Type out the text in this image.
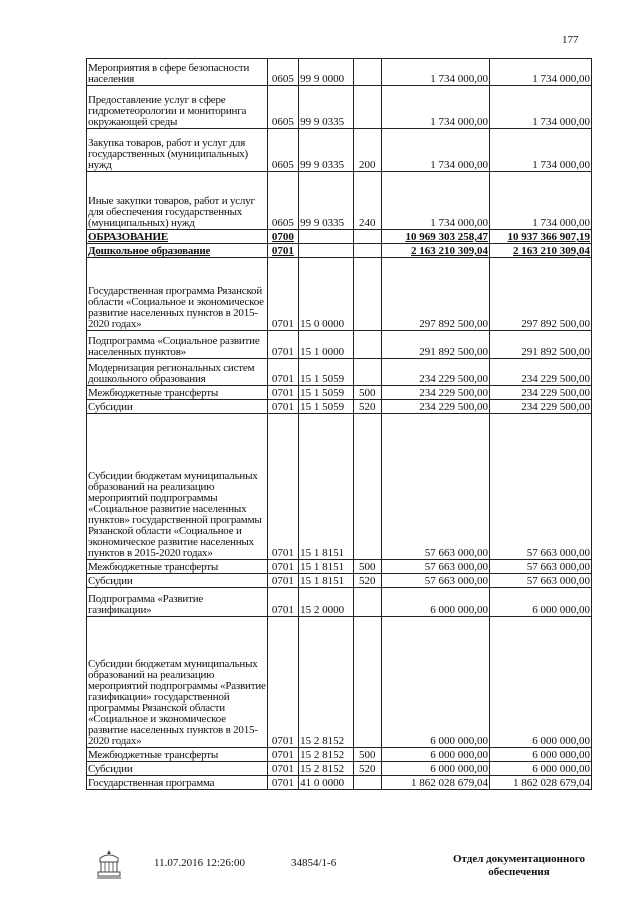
177
Мероприятия в сфере безопасности населения	0605	99 9 0000		1 734 000,00	1 734 000,00
Предоставление услуг в сфере гидрометеорологии и мониторинга окружающей среды	0605	99 9 0335		1 734 000,00	1 734 000,00
Закупка товаров, работ и услуг для государственных (муниципальных) нужд	0605	99 9 0335	200	1 734 000,00	1 734 000,00
Иные закупки товаров, работ и услуг для обеспечения государственных (муниципальных) нужд	0605	99 9 0335	240	1 734 000,00	1 734 000,00
ОБРАЗОВАНИЕ	0700			10 969 303 258,47	10 937 366 907,19
Дошкольное образование	0701			2 163 210 309,04	2 163 210 309,04
Государственная программа Рязанской области «Социальное и экономическое развитие населенных пунктов в 2015-2020 годах»	0701	15 0 0000		297 892 500,00	297 892 500,00
Подпрограмма «Социальное развитие населенных пунктов»	0701	15 1 0000		291 892 500,00	291 892 500,00
Модернизация региональных систем дошкольного образования	0701	15 1 5059		234 229 500,00	234 229 500,00
Межбюджетные трансферты	0701	15 1 5059	500	234 229 500,00	234 229 500,00
Субсидии	0701	15 1 5059	520	234 229 500,00	234 229 500,00
Субсидии бюджетам муниципальных образований на реализацию мероприятий подпрограммы «Социальное развитие населенных пунктов» государственной программы Рязанской области «Социальное и экономическое развитие населенных пунктов в 2015-2020 годах»	0701	15 1 8151		57 663 000,00	57 663 000,00
Межбюджетные трансферты	0701	15 1 8151	500	57 663 000,00	57 663 000,00
Субсидии	0701	15 1 8151	520	57 663 000,00	57 663 000,00
Подпрограмма «Развитие газификации»	0701	15 2 0000		6 000 000,00	6 000 000,00
Субсидии бюджетам муниципальных образований на реализацию мероприятий подпрограммы «Развитие газификации» государственной программы Рязанской области «Социальное и экономическое развитие населенных пунктов в 2015-2020 годах»	0701	15 2 8152		6 000 000,00	6 000 000,00
Межбюджетные трансферты	0701	15 2 8152	500	6 000 000,00	6 000 000,00
Субсидии	0701	15 2 8152	520	6 000 000,00	6 000 000,00
Государственная программа	0701	41 0 0000		1 862 028 679,04	1 862 028 679,04
11.07.2016 12:26:00	34854/1-6	Отдел документационного
обеспечения
